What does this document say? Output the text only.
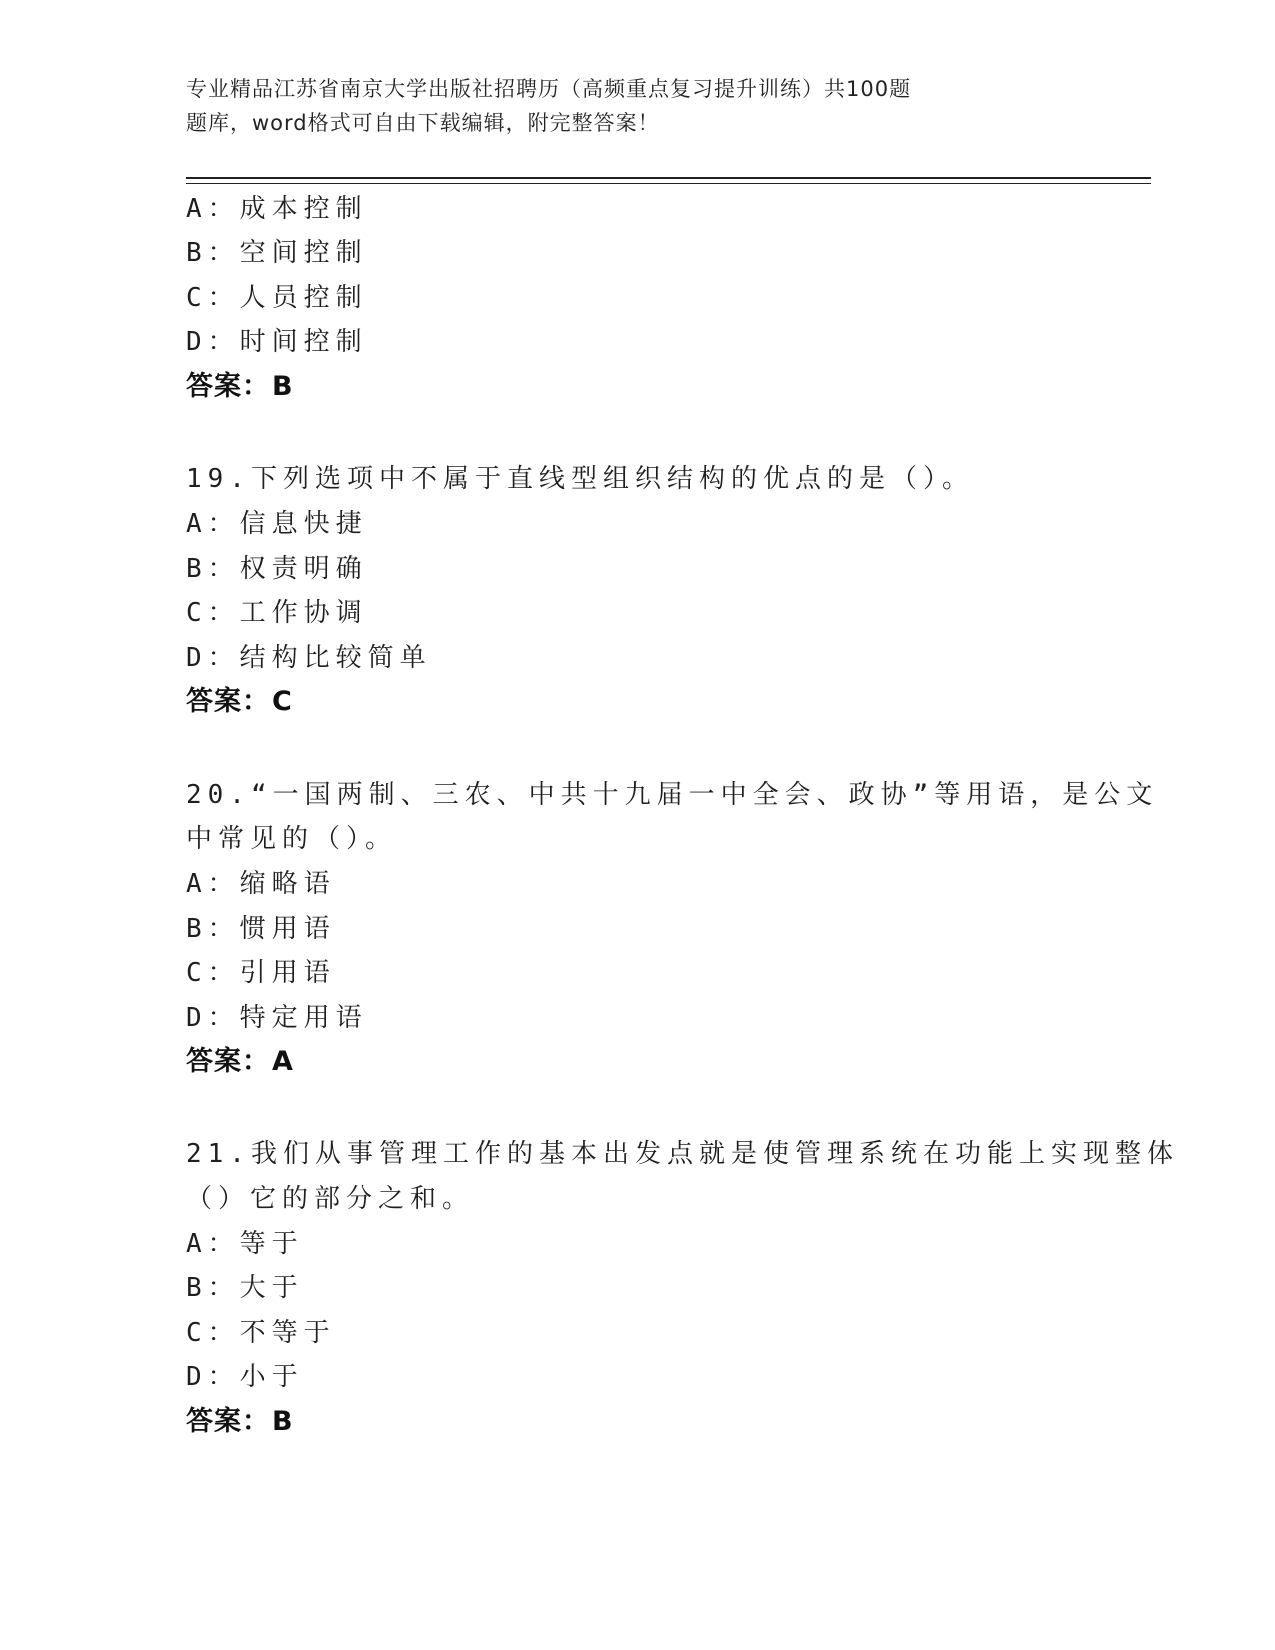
专业精品江苏省南京大学出版社招聘历（高频重点复习提升训练）共100题
题库，word格式可自由下载编辑，附完整答案！
A：成本控制
B：空间控制
C：人员控制
D：时间控制
答案：B
19.下列选项中不属于直线型组织结构的优点的是（）。
A：信息快捷
B：权责明确
C：工作协调
D：结构比较简单
答案：C
20.“一国两制、三农、中共十九届一中全会、政协”等用语，是公文
中常见的（）。
A：缩略语
B：惯用语
C：引用语
D：特定用语
答案：A
21.我们从事管理工作的基本出发点就是使管理系统在功能上实现整体
（）它的部分之和。
A：等于
B：大于
C：不等于
D：小于
答案：B
